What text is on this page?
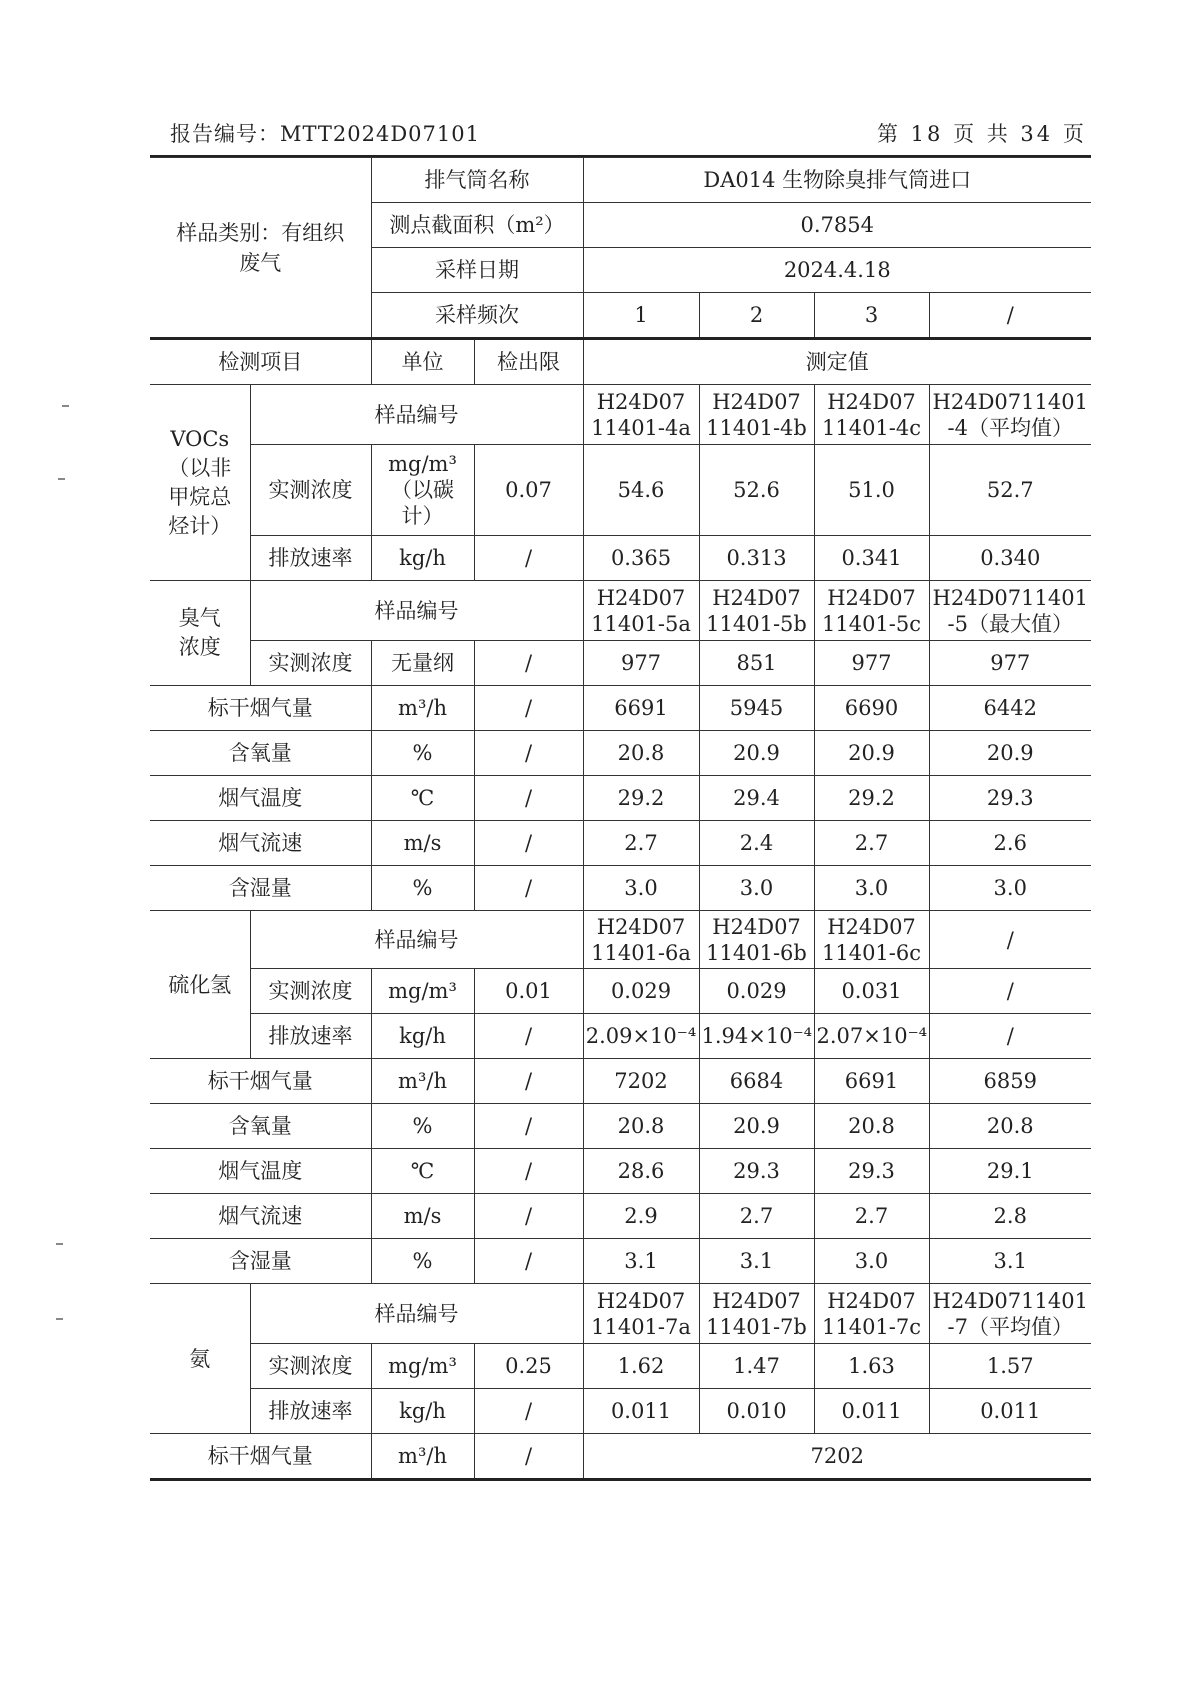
报告编号：MTT2024D07101	第 18 页 共 34 页
样品类别：有组织废气		排气筒名称		DA014 生物除臭排气筒进口			
		测点截面积（m²）		0.7854			
		采样日期		2024.4.18			
		采样频次		1	2	3	/
检测项目		单位	检出限	测定值			
VOCs（以非甲烷总烃计）	样品编号			H24D07 11401-4a	H24D07 11401-4b	H24D07 11401-4c	H24D0711401 -4（平均值）
	实测浓度	mg/m³（以碳计）	0.07	54.6	52.6	51.0	52.7
	排放速率	kg/h	/	0.365	0.313	0.341	0.340
臭气浓度	样品编号			H24D07 11401-5a	H24D07 11401-5b	H24D07 11401-5c	H24D0711401 -5（最大值）
	实测浓度	无量纲	/	977	851	977	977
标干烟气量		m³/h	/	6691	5945	6690	6442
含氧量		%	/	20.8	20.9	20.9	20.9
烟气温度		℃	/	29.2	29.4	29.2	29.3
烟气流速		m/s	/	2.7	2.4	2.7	2.6
含湿量		%	/	3.0	3.0	3.0	3.0
硫化氢	样品编号			H24D07 11401-6a	H24D07 11401-6b	H24D07 11401-6c	/
	实测浓度	mg/m³	0.01	0.029	0.029	0.031	/
	排放速率	kg/h	/	2.09×10⁻⁴	1.94×10⁻⁴	2.07×10⁻⁴	/
标干烟气量		m³/h	/	7202	6684	6691	6859
含氧量		%	/	20.8	20.9	20.8	20.8
烟气温度		℃	/	28.6	29.3	29.3	29.1
烟气流速		m/s	/	2.9	2.7	2.7	2.8
含湿量		%	/	3.1	3.1	3.0	3.1
氨	样品编号			H24D07 11401-7a	H24D07 11401-7b	H24D07 11401-7c	H24D0711401 -7（平均值）
	实测浓度	mg/m³	0.25	1.62	1.47	1.63	1.57
	排放速率	kg/h	/	0.011	0.010	0.011	0.011
标干烟气量		m³/h	/	7202			
